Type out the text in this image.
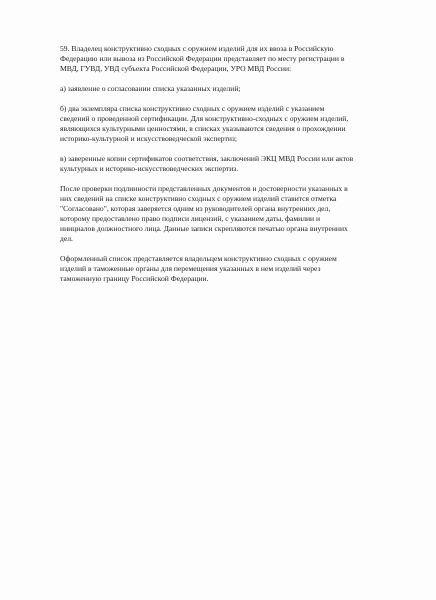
59. Владелец конструктивно сходных с оружием изделий для их ввоза в Российскую
Федерацию или вывоза из Российской Федерации представляет по месту регистрации в
МВД, ГУВД, УВД субъекта Российской Федерации, УРО МВД России:

а) заявление о согласовании списка указанных изделий;

б) два экземпляра списка конструктивно сходных с оружием изделий с указанием
сведений о проведенной сертификации. Для конструктивно-сходных с оружием изделий,
являющихся культурными ценностями, в списках указываются сведения о прохождении
историко-культурной и искусствоведческой экспертиз;

в) заверенные копии сертификатов соответствия, заключений ЭКЦ МВД России или актов
культурных и историко-искусствоведческих экспертиз.

После проверки подлинности представленных документов и достоверности указанных в
них сведений на списке конструктивно сходных с оружием изделий ставится отметка
"Согласовано", которая заверяется одним из руководителей органа внутренних дел,
которому предоставлено право подписи лицензий, с указанием даты, фамилии и
инициалов должностного лица. Данные записи скрепляются печатью органа внутренних
дел.

Оформленный список представляется владельцем конструктивно сходных с оружием
изделий в таможенные органы для перемещения указанных в нем изделий через
таможенную границу Российской Федерации.
